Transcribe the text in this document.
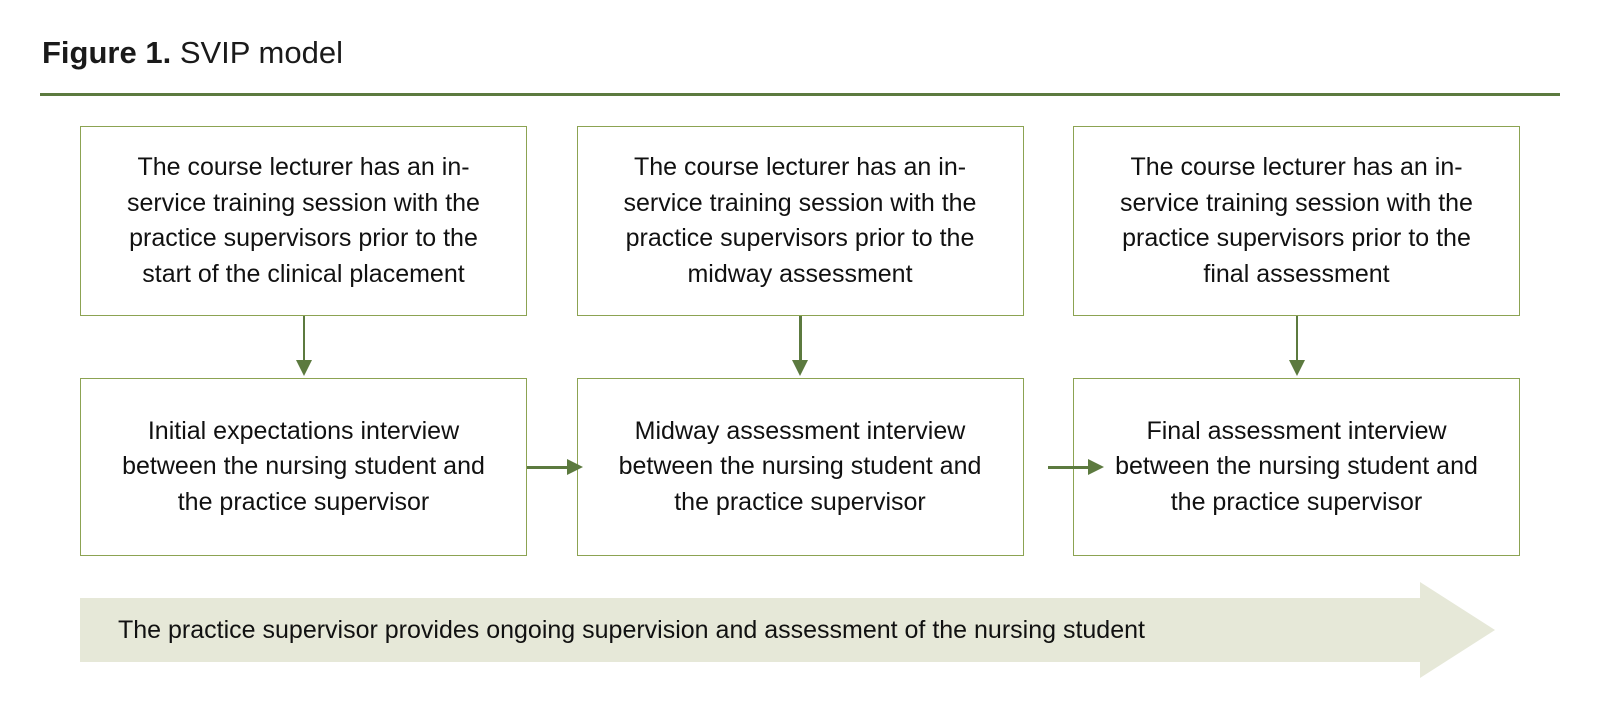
Figure 1. SVIP model
The course lecturer has an in-service training session with the practice supervisors prior to the start of the clinical placement
The course lecturer has an in-service training session with the practice supervisors prior to the midway assessment
The course lecturer has an in-service training session with the practice supervisors prior to the final assessment
Initial expectations interview between the nursing student and the practice supervisor
Midway assessment interview between the nursing student and the practice supervisor
Final assessment interview between the nursing student and the practice supervisor
The practice supervisor provides ongoing supervision and assessment of the nursing student
